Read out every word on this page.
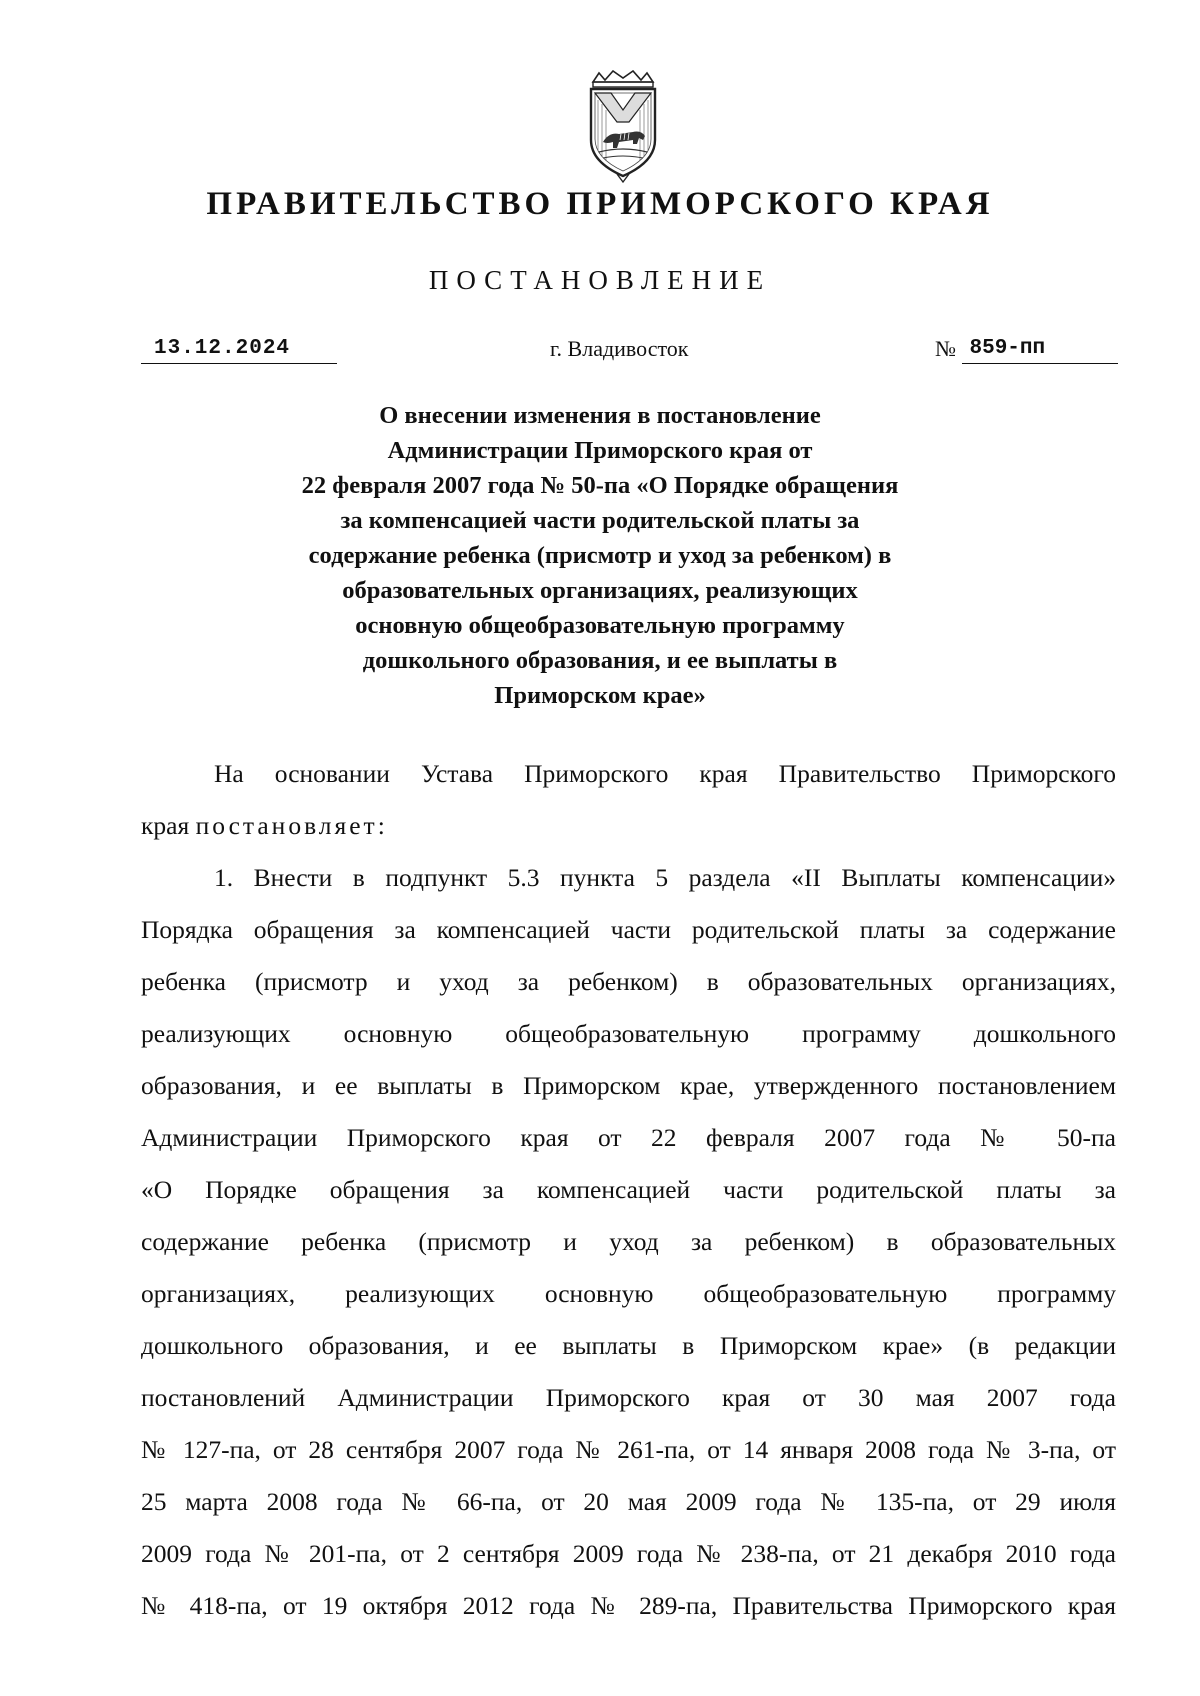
ПРАВИТЕЛЬСТВО ПРИМОРСКОГО КРАЯ
ПОСТАНОВЛЕНИЕ
13.12.2024	г. Владивосток	№ 859-пп
О внесении изменения в постановление
Администрации Приморского края от
22 февраля 2007 года № 50-па «О Порядке обращения
за компенсацией части родительской платы за
содержание ребенка (присмотр и уход за ребенком) в
образовательных организациях, реализующих
основную общеобразовательную программу
дошкольного образования, и ее выплаты в
Приморском крае»
На основании Устава Приморского края Правительство Приморского
края постановляет:
1. Внести в подпункт 5.3 пункта 5 раздела «II Выплаты компенсации»
Порядка обращения за компенсацией части родительской платы за содержание
ребенка (присмотр и уход за ребенком) в образовательных организациях,
реализующих основную общеобразовательную программу дошкольного
образования, и ее выплаты в Приморском крае, утвержденного постановлением
Администрации Приморского края от 22 февраля 2007 года № 50-па
«О Порядке обращения за компенсацией части родительской платы за
содержание ребенка (присмотр и уход за ребенком) в образовательных
организациях, реализующих основную общеобразовательную программу
дошкольного образования, и ее выплаты в Приморском крае» (в редакции
постановлений Администрации Приморского края от 30 мая 2007 года
№ 127-па, от 28 сентября 2007 года № 261-па, от 14 января 2008 года № 3-па, от
25 марта 2008 года № 66-па, от 20 мая 2009 года № 135-па, от 29 июля
2009 года № 201-па, от 2 сентября 2009 года № 238-па, от 21 декабря 2010 года
№ 418-па, от 19 октября 2012 года № 289-па, Правительства Приморского края
